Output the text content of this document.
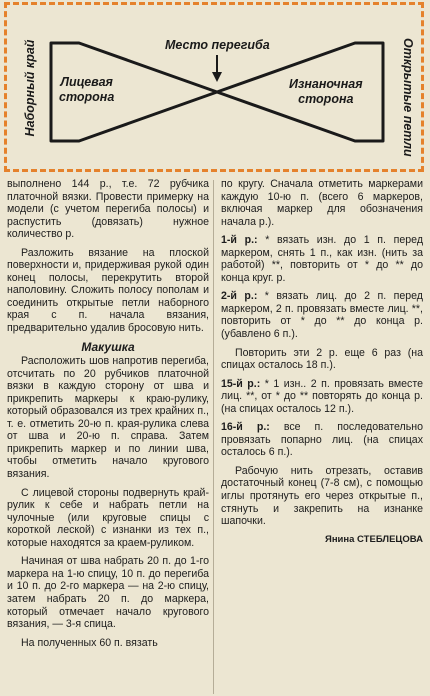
Место перегиба
Лицевая
сторона
Изнаночная
сторона
Наборный край	Открытые петли

выполнено 144 р., т.е. 72 рубчика платочной вязки. Провести примерку на модели (с учетом перегиба полосы) и распустить (довязать) нужное количество р.

Разложить вязание на плоской поверхности и, придерживая рукой один конец полосы, перекрутить второй наполовину. Сложить полосу пополам и соединить открытые петли наборного края с п. начала вязания, предварительно удалив бросовую нить.

Макушка

Расположить шов напротив перегиба, отсчитать по 20 рубчиков платочной вязки в каждую сторону от шва и прикрепить маркеры к краю-рулику, который образовался из трех крайних п., т. е. отметить 20-ю п. края-рулика слева от шва и 20-ю п. справа. Затем прикрепить маркер и по линии шва, чтобы отметить начало кругового вязания.

С лицевой стороны подвернуть край-рулик к себе и набрать петли на чулочные (или круговые спицы с короткой леской) с изнанки из тех п., которые находятся за краем-руликом.

Начиная от шва набрать 20 п. до 1-го маркера на 1-ю спицу, 10 п. до перегиба и 10 п. до 2-го маркера — на 2-ю спицу, затем набрать 20 п. до маркера, который отмечает начало кругового вязания, — 3-я спица.

На полученных 60 п. вязать

по кругу. Сначала отметить маркерами каждую 10-ю п. (всего 6 маркеров, включая маркер для обозначения начала р.).

1-й р.: * вязать изн. до 1 п. перед маркером, снять 1 п., как изн. (нить за работой) **, повторить от * до ** до конца круг. р.

2-й р.: * вязать лиц. до 2 п. перед маркером, 2 п. провязать вместе лиц. **, повторить от * до ** до конца р. (убавлено 6 п.).

Повторить эти 2 р. еще 6 раз (на спицах осталось 18 п.).

15-й р.: * 1 изн.. 2 п. провязать вместе лиц. **, от * до ** повторять до конца р. (на спицах осталось 12 п.).

16-й р.: все п. последовательно провязать попарно лиц. (на спицах осталось 6 п.).

Рабочую нить отрезать, оставив достаточный конец (7-8 см), с помощью иглы протянуть его через открытые п., стянуть и закрепить на изнанке шапочки.

Янина СТЕБЛЕЦОВА
